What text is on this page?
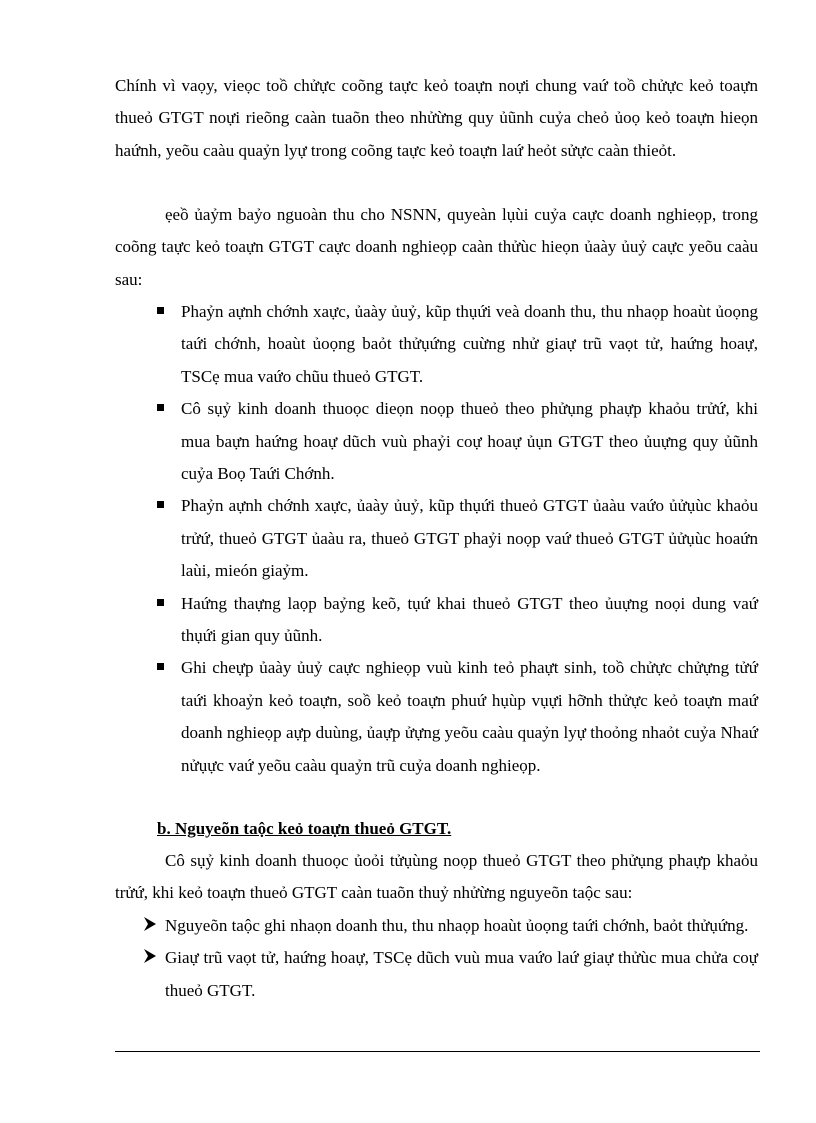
Chính vì vaọy, vieọc toồ chửực coõng taực keỏ toaựn noựi chung vaứ toồ chửực keỏ toaựn thueỏ GTGT noựi rieõng caàn tuaõn theo nhửừng quy ủũnh cuỷa cheỏ ủoọ keỏ toaựn hieọn haứnh, yeõu caàu quaỷn lyự trong coõng taực keỏ toaựn laứ heỏt sửực caàn thieỏt.

ẹeồ ủaỷm baỷo nguoàn thu cho NSNN, quyeàn lụùi cuỷa caực doanh nghieọp, trong coõng taực keỏ toaựn GTGT caực doanh nghieọp caàn thửùc hieọn ủaày ủuỷ caực yeõu caàu sau:

Phaỷn aựnh chớnh xaực, ủaày ủuỷ, kũp thụứi veà doanh thu, thu nhaọp hoaùt ủoọng taứi chớnh, hoaùt ủoọng baỏt thửụứng cuừng nhử giaự trũ vaọt tử, haứng hoaự, TSCẹ mua vaứo chũu thueỏ GTGT.
Cô sụỷ kinh doanh thuoọc dieọn noọp thueỏ theo phửụng phaựp khaỏu trửứ, khi mua baựn haứng hoaự dũch vuù phaỷi coự hoaự ủụn GTGT theo ủuựng quy ủũnh cuỷa Boọ Taứi Chớnh.
Phaỷn aựnh chớnh xaực, ủaày ủuỷ, kũp thụứi thueỏ GTGT ủaàu vaứo ủửụùc khaỏu trửứ, thueỏ GTGT ủaàu ra, thueỏ GTGT phaỷi noọp vaứ thueỏ GTGT ủửụùc hoaứn laùi, mieón giaỷm.
Haứng thaựng laọp baỷng keõ, tụứ khai thueỏ GTGT theo ủuựng noọi dung vaứ thụứi gian quy ủũnh.
Ghi cheựp ủaày ủuỷ caực nghieọp vuù kinh teỏ phaựt sinh, toồ chửực chửựng tửứ taứi khoaỷn keỏ toaựn, soồ keỏ toaựn phuứ hụùp vụựi hỡnh thửực keỏ toaựn maứ doanh nghieọp aựp duùng, ủaựp ửựng yeõu caàu quaỷn lyự thoỏng nhaỏt cuỷa Nhaứ nửụực vaứ yeõu caàu quaỷn trũ cuỷa doanh nghieọp.

b. Nguyeõn taộc keỏ toaựn thueỏ GTGT.

Cô sụỷ kinh doanh thuoọc ủoỏi tửụùng noọp thueỏ GTGT theo phửụng phaựp khaỏu trửứ, khi keỏ toaựn thueỏ GTGT caàn tuaõn thuỷ nhửừng nguyeõn taộc sau:

Nguyeõn taộc ghi nhaọn doanh thu, thu nhaọp hoaùt ủoọng taứi chớnh, baỏt thửụứng.
Giaự trũ vaọt tử, haứng hoaự, TSCẹ dũch vuù mua vaứo laứ giaự thửùc mua chửa coự thueỏ GTGT.
